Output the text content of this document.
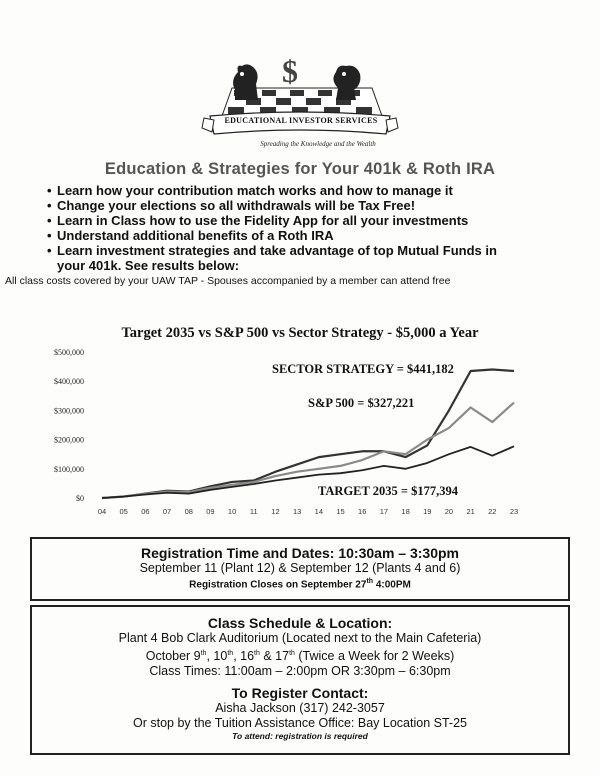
$
EDUCATIONAL INVESTOR SERVICES
Spreading the Knowledge and the Wealth
Education & Strategies for Your 401k & Roth IRA
• Learn how your contribution match works and how to manage it
• Change your elections so all withdrawals will be Tax Free!
• Learn in Class how to use the Fidelity App for all your investments
• Understand additional benefits of a Roth IRA
• Learn investment strategies and take advantage of top Mutual Funds in your 401k. See results below:
All class costs covered by your UAW TAP - Spouses accompanied by a member can attend free
Target 2035 vs S&P 500 vs Sector Strategy - $5,000 a Year
$500,000
$400,000
$300,000
$200,000
$100,000
$0
04 05 06 07 08 09 10 11 12 13 14 15 16 17 18 19 20 21 22 23
SECTOR STRATEGY = $441,182
S&P 500 = $327,221
TARGET 2035 = $177,394
Registration Time and Dates: 10:30am – 3:30pm
September 11 (Plant 12) & September 12 (Plants 4 and 6)
Registration Closes on September 27th 4:00PM
Class Schedule & Location:
Plant 4 Bob Clark Auditorium (Located next to the Main Cafeteria)
October 9th, 10th, 16th & 17th (Twice a Week for 2 Weeks)
Class Times: 11:00am – 2:00pm OR 3:30pm – 6:30pm
To Register Contact:
Aisha Jackson (317) 242-3057
Or stop by the Tuition Assistance Office: Bay Location ST-25
To attend: registration is required
